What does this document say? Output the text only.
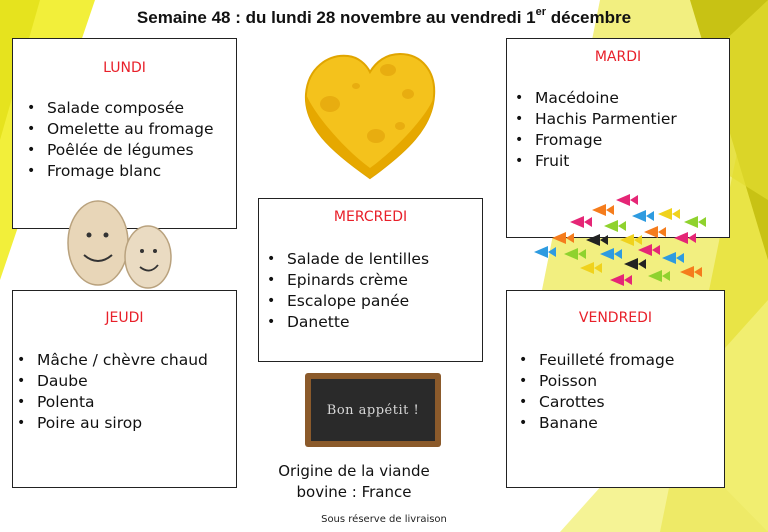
Semaine 48 : du lundi 28 novembre au vendredi 1er décembre
LUNDI
• Salade composée
• Omelette au fromage
• Poêlée de légumes
• Fromage blanc
MARDI
• Macédoine
• Hachis Parmentier
• Fromage
• Fruit
MERCREDI
• Salade de lentilles
• Epinards crème
• Escalope panée
• Danette
JEUDI
• Mâche / chèvre chaud
• Daube
• Polenta
• Poire au sirop
VENDREDI
• Feuilleté fromage
• Poisson
• Carottes
• Banane
Bon appétit !
Origine de la viande
bovine : France
Sous réserve de livraison
